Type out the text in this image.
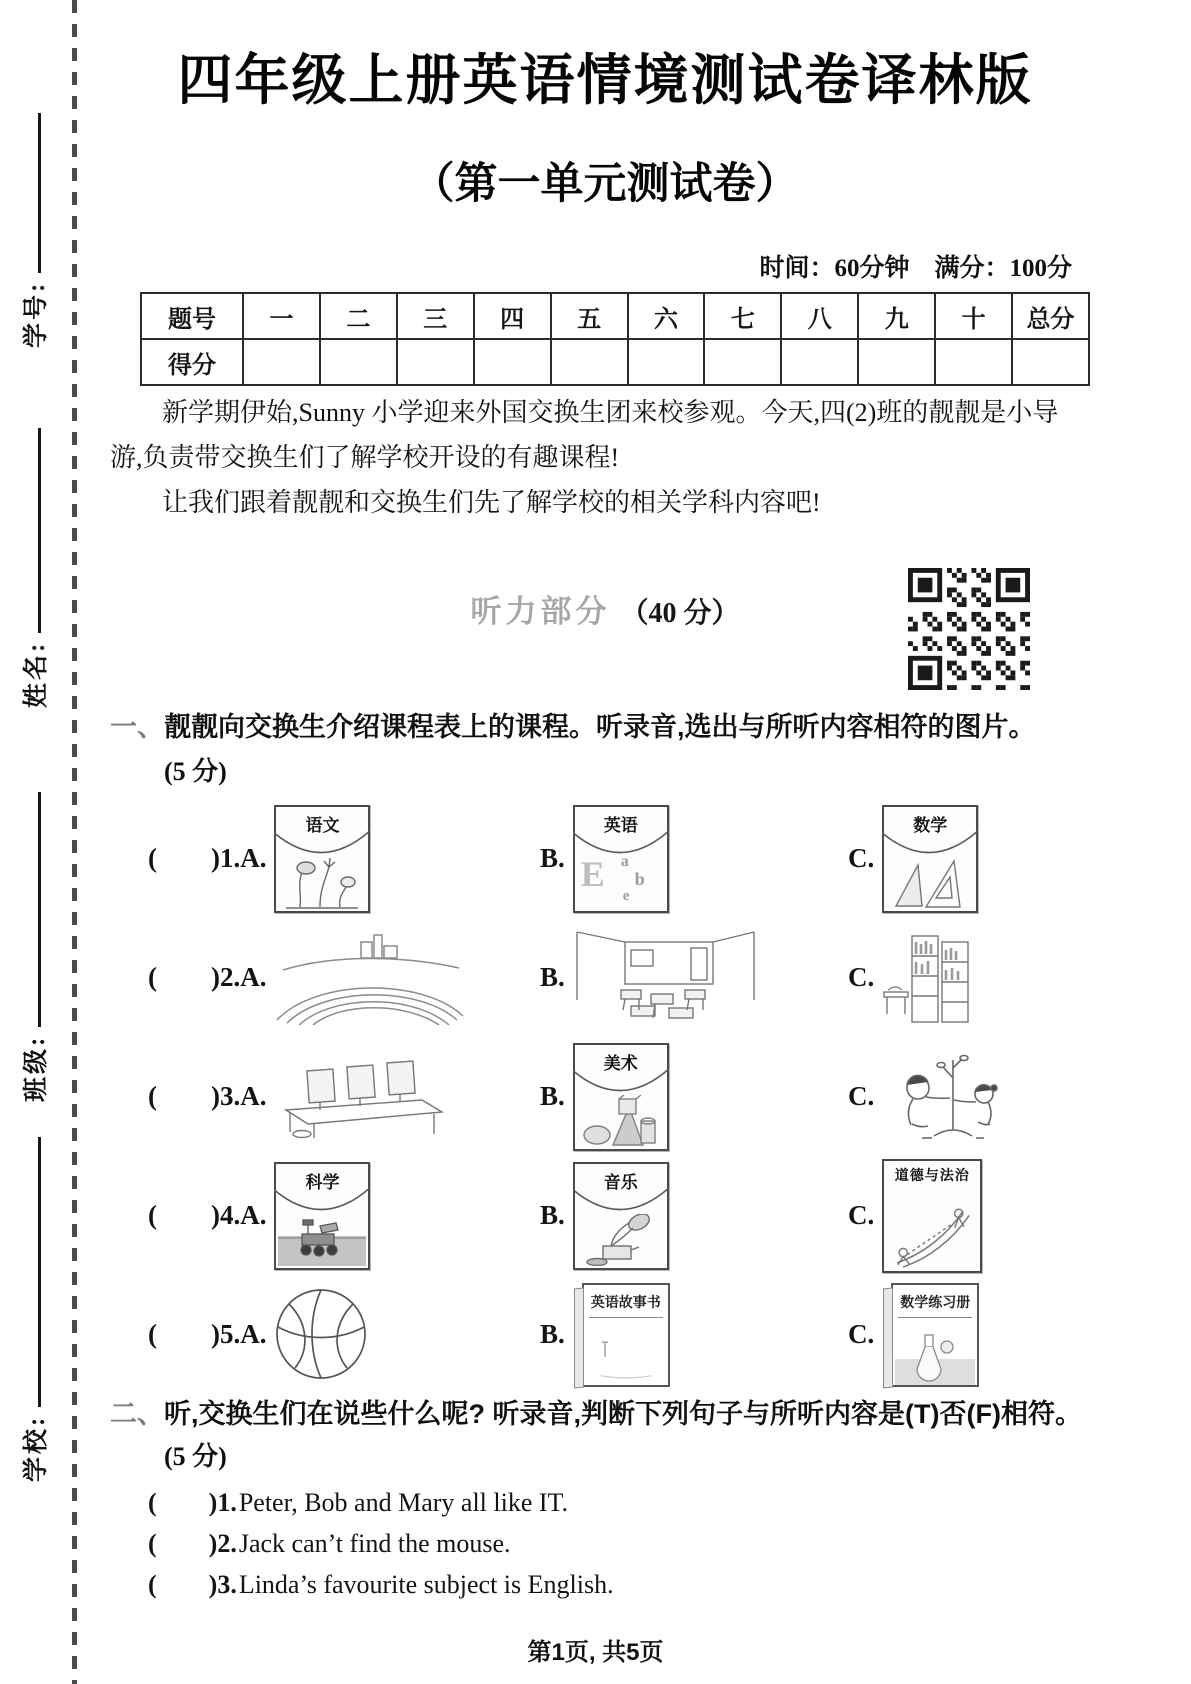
学号:
姓名:
班级:
学校:
四年级上册英语情境测试卷译林版
（第一单元测试卷）
时间：60分钟　满分：100分
题号	一	二	三	四	五	六	七	八	九	十	总分
得分											

新学期伊始,Sunny 小学迎来外国交换生团来校参观。今天,四(2)班的靓靓是小导游,负责带交换生们了解学校开设的有趣课程!

让我们跟着靓靓和交换生们先了解学校的相关学科内容吧!

听力部分 （40 分）
一、 靓靓向交换生介绍课程表上的课程。听录音,选出与所听内容相符的图片。
(5 分)
(        )1.A.
语文
B.
英语
E a
b
e
C.
数学
(        )2.A.	B.	C.
(        )3.A.	B.
美术
C.
(        )4.A.
科学
B.
音乐
C.
道德与法治
(        )5.A.	B.
英语故事书
C.
数学练习册
二、 听,交换生们在说些什么呢? 听录音,判断下列句子与所听内容是(T)否(F)相符。(5 分)
(        ) 1. Peter, Bob and Mary all like IT.
(        ) 2. Jack can’t find the mouse.
(        ) 3. Linda’s favourite subject is English.
第1页, 共5页
